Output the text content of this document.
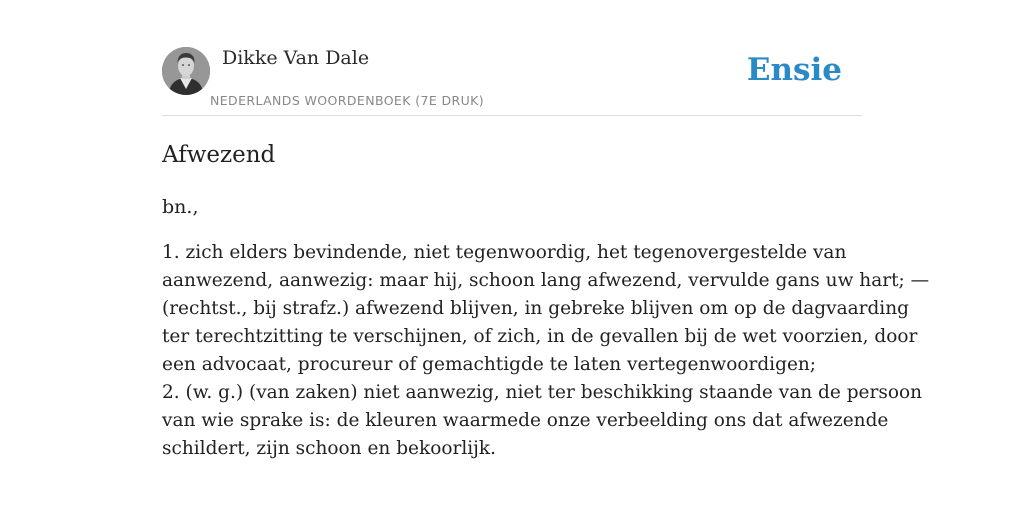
Dikke Van Dale
NEDERLANDS WOORDENBOEK (7E DRUK)
Ensie
Afwezend

bn.,

1. zich elders bevindende, niet tegenwoordig, het tegenovergestelde van
aanwezend, aanwezig: maar hij, schoon lang afwezend, vervulde gans uw hart; —
(rechtst., bij strafz.) afwezend blijven, in gebreke blijven om op de dagvaarding
ter terechtzitting te verschijnen, of zich, in de gevallen bij de wet voorzien, door
een advocaat, procureur of gemachtigde te laten vertegenwoordigen;
2. (w. g.) (van zaken) niet aanwezig, niet ter beschikking staande van de persoon
van wie sprake is: de kleuren waarmede onze verbeelding ons dat afwezende
schildert, zijn schoon en bekoorlijk.
